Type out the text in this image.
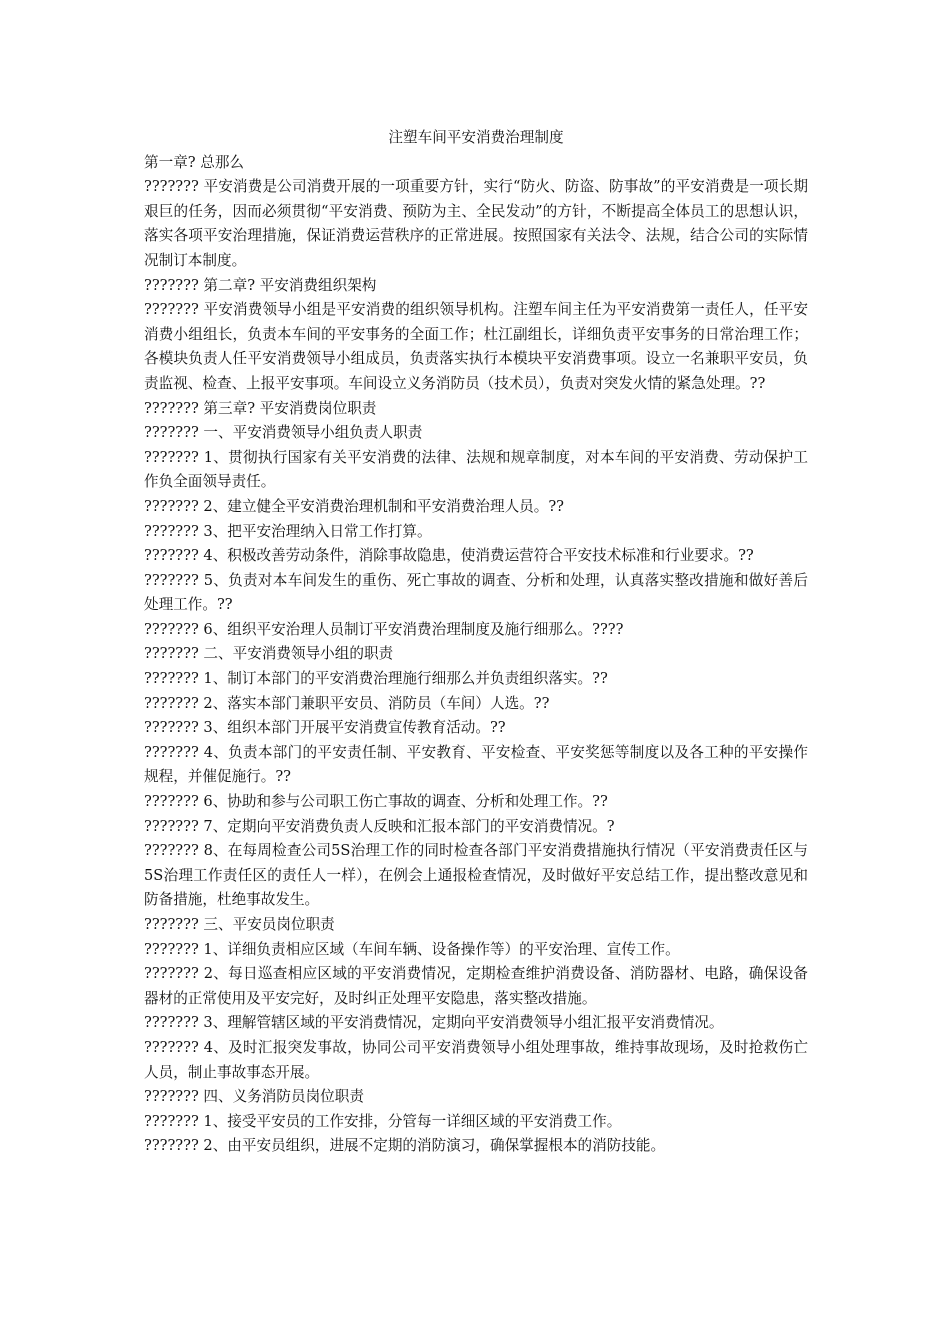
注塑车间平安消费治理制度

第一章? 总那么

??????? 平安消费是公司消费开展的一项重要方针，实行“防火、防盗、防事故”的平安消费是一项长期艰巨的任务，因而必须贯彻“平安消费、预防为主、全民发动”的方针，不断提高全体员工的思想认识，落实各项平安治理措施，保证消费运营秩序的正常进展。按照国家有关法令、法规，结合公司的实际情况制订本制度。

??????? 第二章? 平安消费组织架构

??????? 平安消费领导小组是平安消费的组织领导机构。注塑车间主任为平安消费第一责任人，任平安消费小组组长，负责本车间的平安事务的全面工作；杜江副组长，详细负责平安事务的日常治理工作；各模块负责人任平安消费领导小组成员，负责落实执行本模块平安消费事项。设立一名兼职平安员，负责监视、检查、上报平安事项。车间设立义务消防员（技术员），负责对突发火情的紧急处理。??

??????? 第三章? 平安消费岗位职责

??????? 一、平安消费领导小组负责人职责

??????? 1、贯彻执行国家有关平安消费的法律、法规和规章制度，对本车间的平安消费、劳动保护工作负全面领导责任。

??????? 2、建立健全平安消费治理机制和平安消费治理人员。??

??????? 3、把平安治理纳入日常工作打算。

??????? 4、积极改善劳动条件，消除事故隐患，使消费运营符合平安技术标准和行业要求。??

??????? 5、负责对本车间发生的重伤、死亡事故的调查、分析和处理，认真落实整改措施和做好善后处理工作。??

??????? 6、组织平安治理人员制订平安消费治理制度及施行细那么。????

??????? 二、平安消费领导小组的职责

??????? 1、制订本部门的平安消费治理施行细那么并负责组织落实。??

??????? 2、落实本部门兼职平安员、消防员（车间）人选。??

??????? 3、组织本部门开展平安消费宣传教育活动。??

??????? 4、负责本部门的平安责任制、平安教育、平安检查、平安奖惩等制度以及各工种的平安操作规程，并催促施行。??

??????? 6、协助和参与公司职工伤亡事故的调查、分析和处理工作。??

??????? 7、定期向平安消费负责人反映和汇报本部门的平安消费情况。?

??????? 8、在每周检查公司5S治理工作的同时检查各部门平安消费措施执行情况（平安消费责任区与5S治理工作责任区的责任人一样），在例会上通报检查情况，及时做好平安总结工作，提出整改意见和防备措施，杜绝事故发生。

??????? 三、平安员岗位职责

??????? 1、详细负责相应区域（车间车辆、设备操作等）的平安治理、宣传工作。

??????? 2、每日巡查相应区域的平安消费情况，定期检查维护消费设备、消防器材、电路，确保设备器材的正常使用及平安完好，及时纠正处理平安隐患，落实整改措施。

??????? 3、理解管辖区域的平安消费情况，定期向平安消费领导小组汇报平安消费情况。

??????? 4、及时汇报突发事故，协同公司平安消费领导小组处理事故，维持事故现场，及时抢救伤亡人员，制止事故事态开展。

??????? 四、义务消防员岗位职责

??????? 1、接受平安员的工作安排，分管每一详细区域的平安消费工作。

??????? 2、由平安员组织，进展不定期的消防演习，确保掌握根本的消防技能。
